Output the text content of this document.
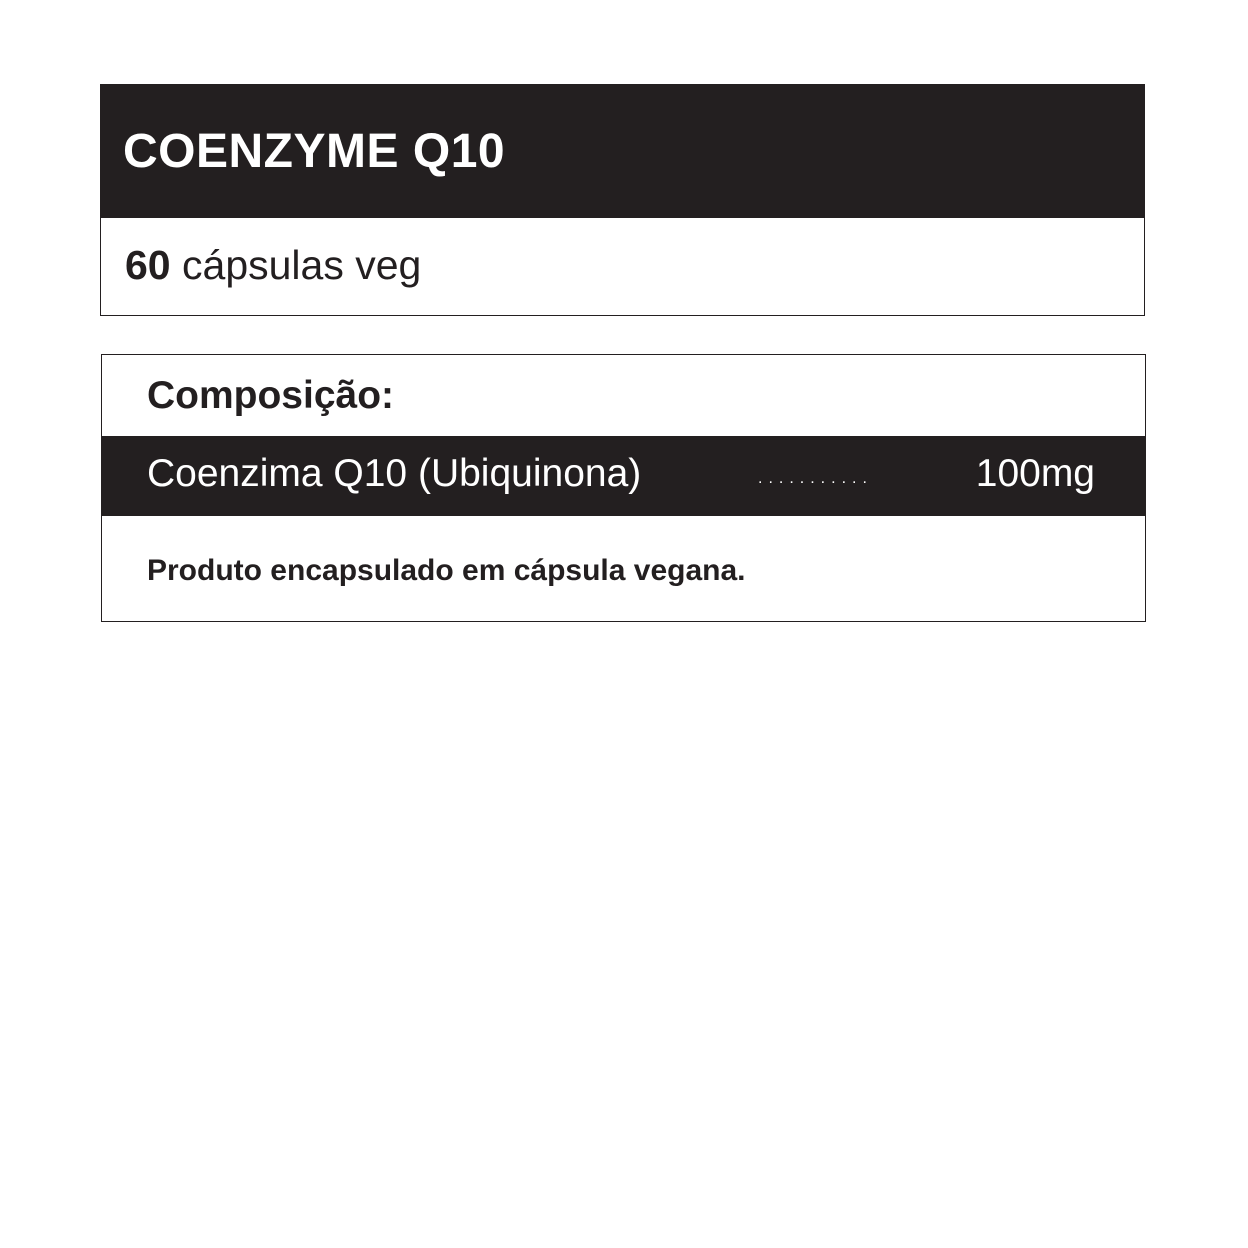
COENZYME Q10
60 cápsulas veg
Composição:
Coenzima Q10 (Ubiquinona)	...........	100mg

Produto encapsulado em cápsula vegana.
